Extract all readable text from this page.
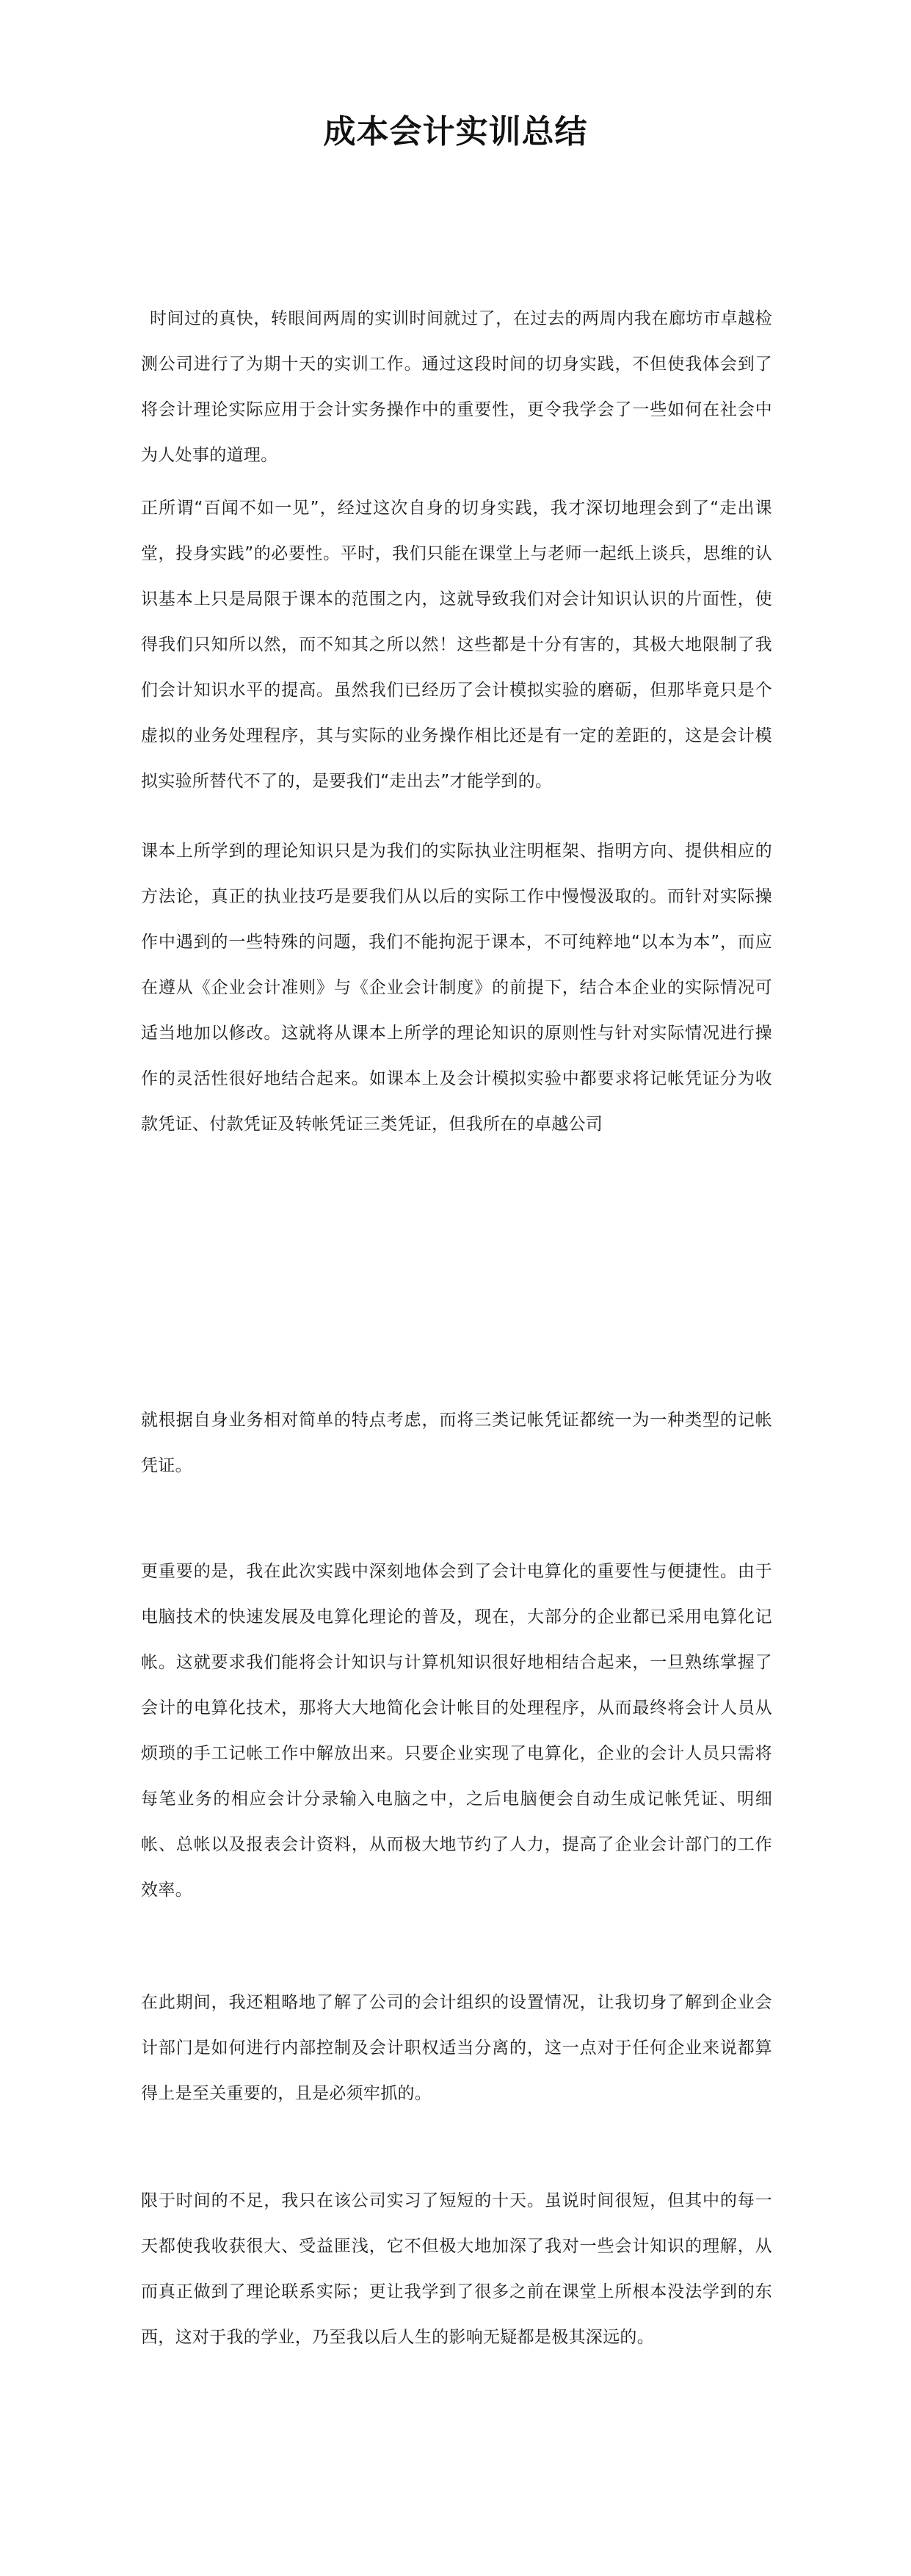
成本会计实训总结

时间过的真快，转眼间两周的实训时间就过了，在过去的两周内我在廊坊市卓越检测公司进行了为期十天的实训工作。通过这段时间的切身实践，不但使我体会到了将会计理论实际应用于会计实务操作中的重要性，更令我学会了一些如何在社会中为人处事的道理。

正所谓“百闻不如一见”，经过这次自身的切身实践，我才深切地理会到了“走出课堂，投身实践”的必要性。平时，我们只能在课堂上与老师一起纸上谈兵，思维的认识基本上只是局限于课本的范围之内，这就导致我们对会计知识认识的片面性，使得我们只知所以然，而不知其之所以然！这些都是十分有害的，其极大地限制了我们会计知识水平的提高。虽然我们已经历了会计模拟实验的磨砺，但那毕竟只是个虚拟的业务处理程序，其与实际的业务操作相比还是有一定的差距的，这是会计模拟实验所替代不了的，是要我们“走出去”才能学到的。

课本上所学到的理论知识只是为我们的实际执业注明框架、指明方向、提供相应的方法论，真正的执业技巧是要我们从以后的实际工作中慢慢汲取的。而针对实际操作中遇到的一些特殊的问题，我们不能拘泥于课本，不可纯粹地“以本为本”，而应在遵从《企业会计准则》与《企业会计制度》的前提下，结合本企业的实际情况可适当地加以修改。这就将从课本上所学的理论知识的原则性与针对实际情况进行操作的灵活性很好地结合起来。如课本上及会计模拟实验中都要求将记帐凭证分为收款凭证、付款凭证及转帐凭证三类凭证，但我所在的卓越公司

就根据自身业务相对简单的特点考虑，而将三类记帐凭证都统一为一种类型的记帐凭证。

更重要的是，我在此次实践中深刻地体会到了会计电算化的重要性与便捷性。由于电脑技术的快速发展及电算化理论的普及，现在，大部分的企业都已采用电算化记帐。这就要求我们能将会计知识与计算机知识很好地相结合起来，一旦熟练掌握了会计的电算化技术，那将大大地简化会计帐目的处理程序，从而最终将会计人员从烦琐的手工记帐工作中解放出来。只要企业实现了电算化，企业的会计人员只需将每笔业务的相应会计分录输入电脑之中，之后电脑便会自动生成记帐凭证、明细帐、总帐以及报表会计资料，从而极大地节约了人力，提高了企业会计部门的工作效率。

在此期间，我还粗略地了解了公司的会计组织的设置情况，让我切身了解到企业会计部门是如何进行内部控制及会计职权适当分离的，这一点对于任何企业来说都算得上是至关重要的，且是必须牢抓的。

限于时间的不足，我只在该公司实习了短短的十天。虽说时间很短，但其中的每一天都使我收获很大、受益匪浅，它不但极大地加深了我对一些会计知识的理解，从而真正做到了理论联系实际；更让我学到了很多之前在课堂上所根本没法学到的东西，这对于我的学业，乃至我以后人生的影响无疑都是极其深远的。
